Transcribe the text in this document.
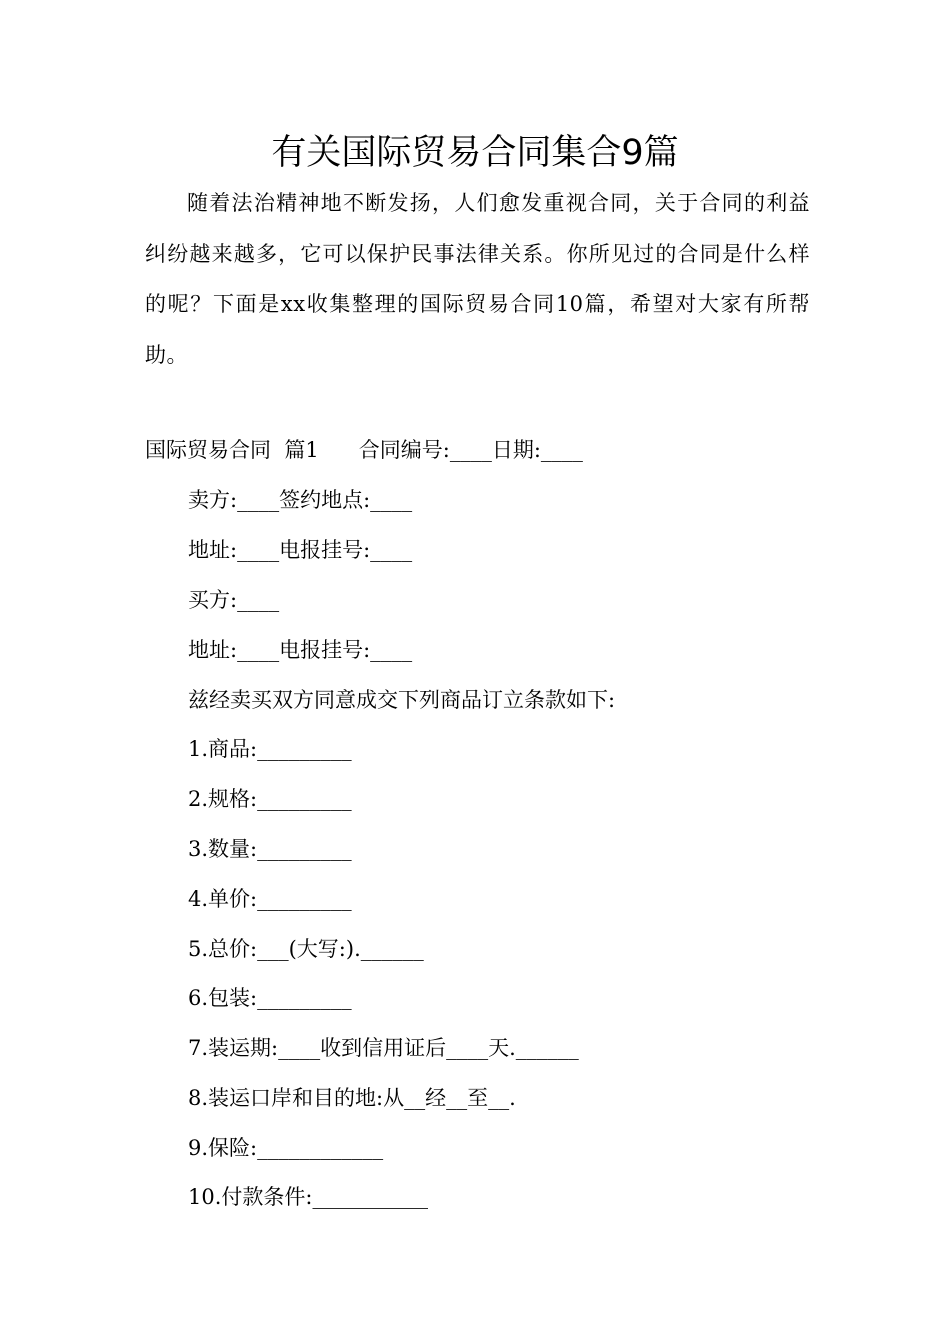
有关国际贸易合同集合9篇

随着法治精神地不断发扬，人们愈发重视合同，关于合同的利益纠纷越来越多，它可以保护民事法律关系。你所见过的合同是什么样的呢？下面是xx收集整理的国际贸易合同10篇，希望对大家有所帮助。

国际贸易合同  篇1      合同编号:____日期:____

卖方:____签约地点:____

地址:____电报挂号:____

买方:____

地址:____电报挂号:____

兹经卖买双方同意成交下列商品订立条款如下:

1.商品:_________

2.规格:_________

3.数量:_________

4.单价:_________

5.总价:___(大写:).______

6.包装:_________

7.装运期:____收到信用证后____天.______

8.装运口岸和目的地:从__经__至__.

9.保险:____________

10.付款条件:___________
